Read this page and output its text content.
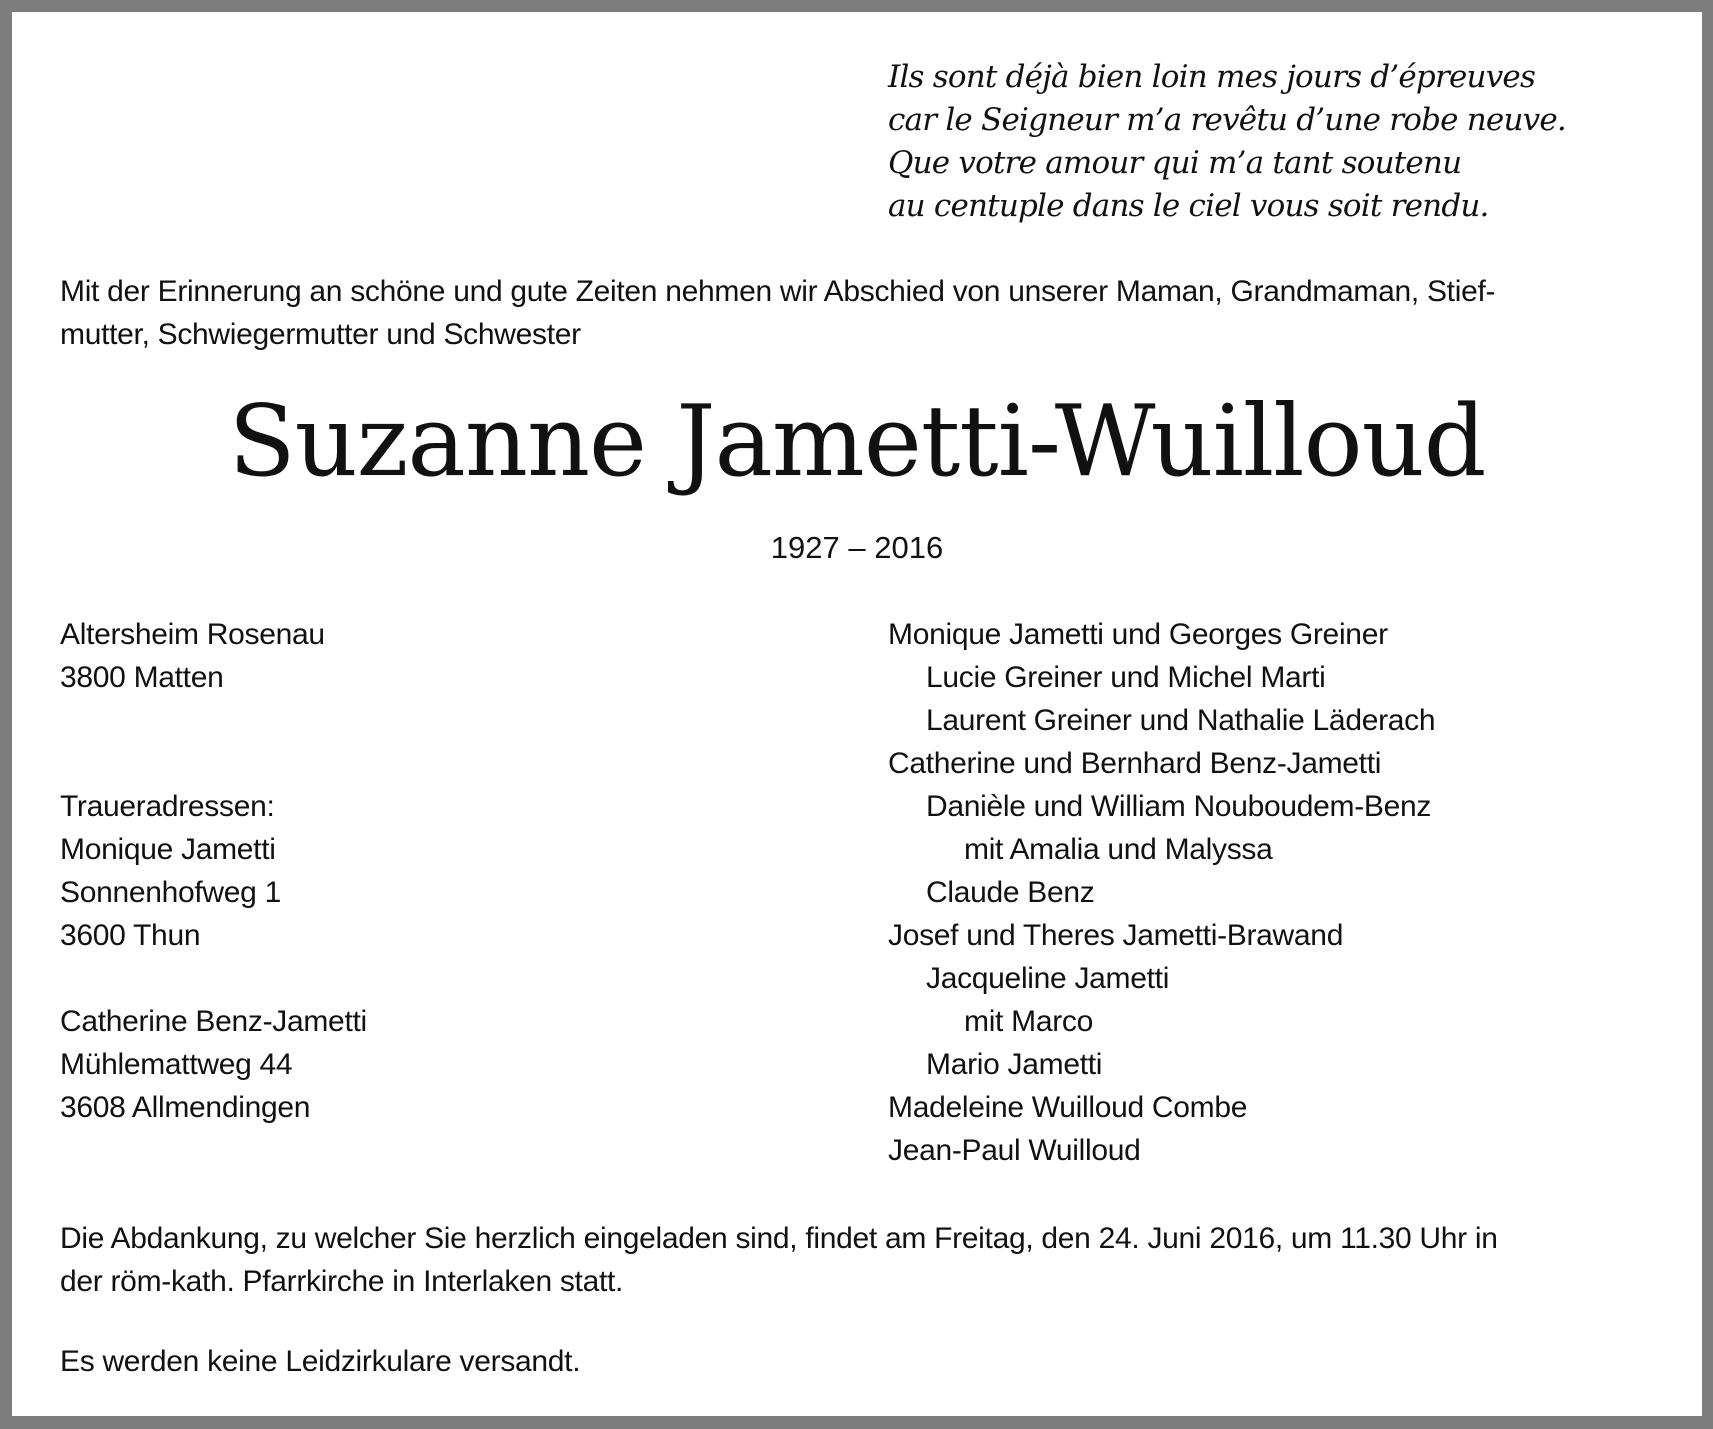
Ils sont déjà bien loin mes jours d’épreuves
car le Seigneur m’a revêtu d’une robe neuve.
Que votre amour qui m’a tant soutenu
au centuple dans le ciel vous soit rendu.
Mit der Erinnerung an schöne und gute Zeiten nehmen wir Abschied von unserer Maman, Grandmaman, Stief-
mutter, Schwiegermutter und Schwester
Suzanne Jametti-Wuilloud
1927 – 2016
Altersheim Rosenau
3800 Matten
Traueradressen:
Monique Jametti
Sonnenhofweg 1
3600 Thun
Catherine Benz-Jametti
Mühlemattweg 44
3608 Allmendingen
Monique Jametti und Georges Greiner
Lucie Greiner und Michel Marti
Laurent Greiner und Nathalie Läderach
Catherine und Bernhard Benz-Jametti
Danièle und William Nouboudem-Benz
mit Amalia und Malyssa
Claude Benz
Josef und Theres Jametti-Brawand
Jacqueline Jametti
mit Marco
Mario Jametti
Madeleine Wuilloud Combe
Jean-Paul Wuilloud
Die Abdankung, zu welcher Sie herzlich eingeladen sind, findet am Freitag, den 24. Juni 2016, um 11.30 Uhr in
der röm-kath. Pfarrkirche in Interlaken statt.
Es werden keine Leidzirkulare versandt.
